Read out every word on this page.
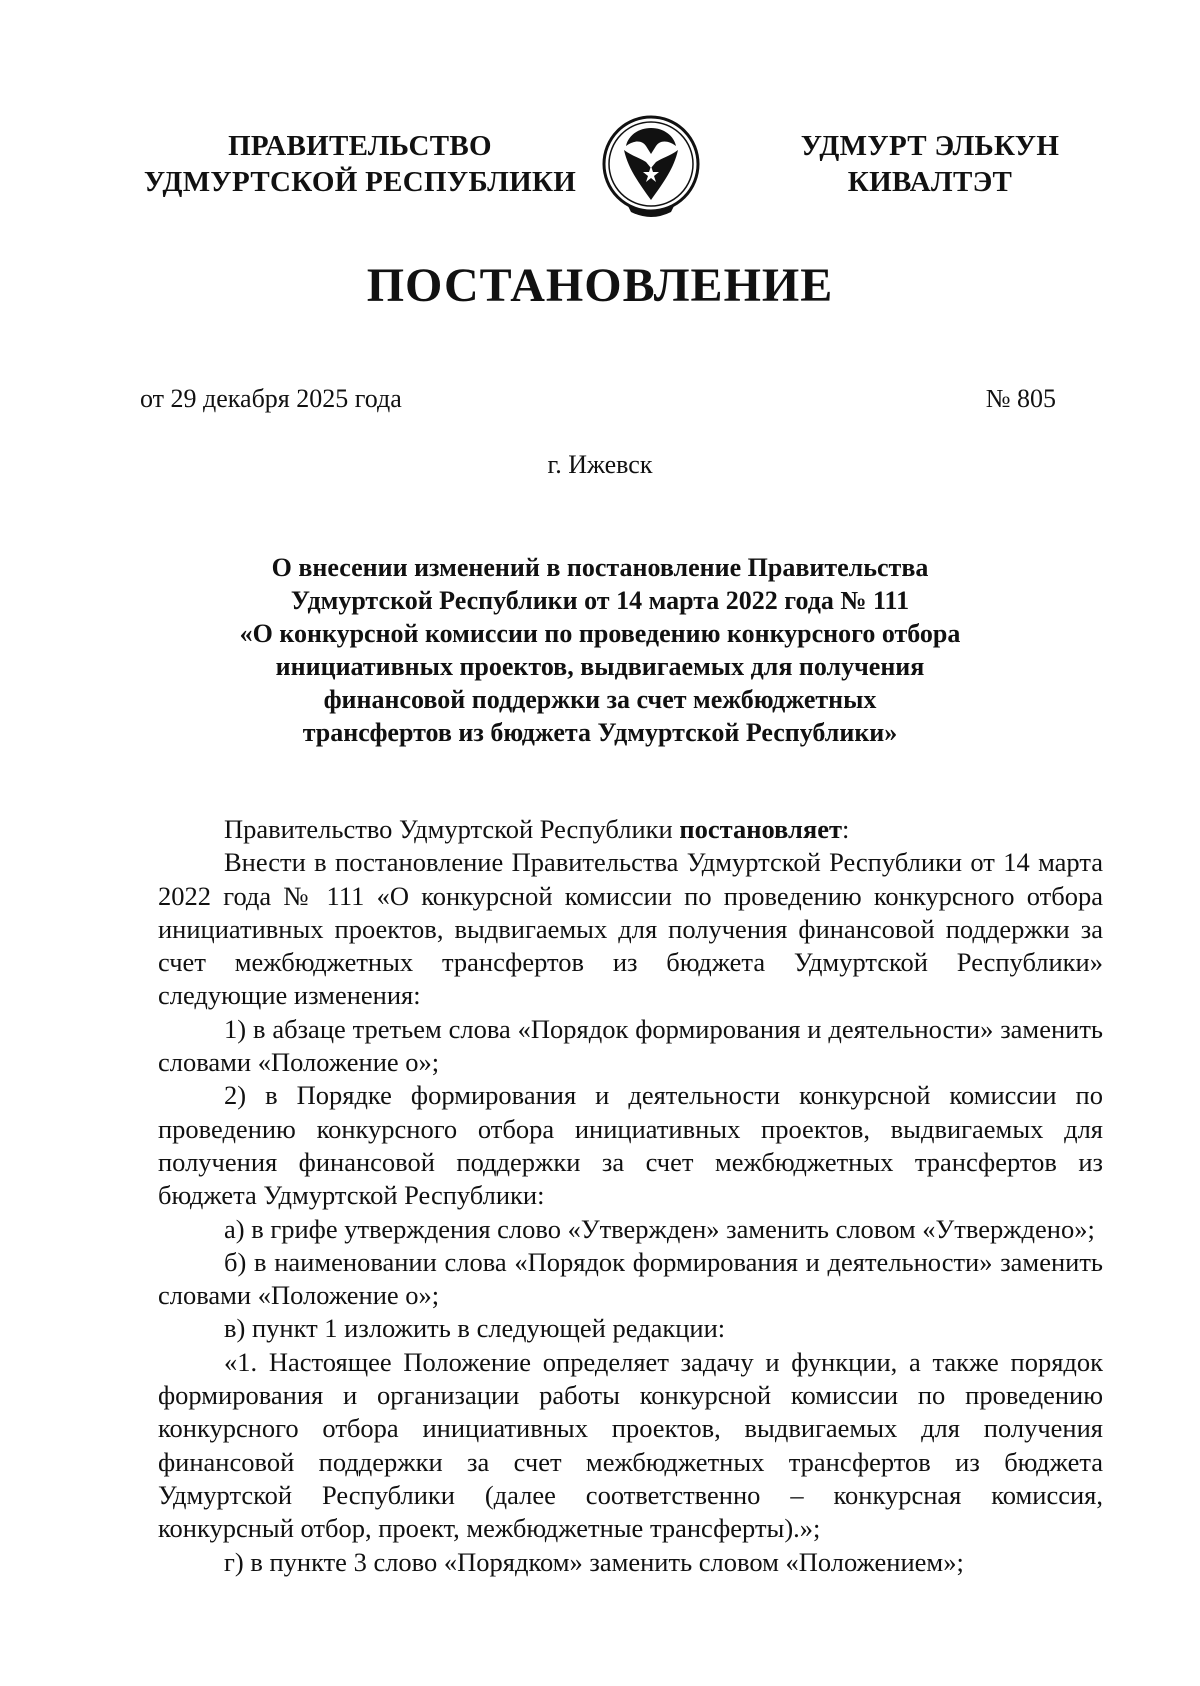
ПРАВИТЕЛЬСТВО
УДМУРТСКОЙ РЕСПУБЛИКИ
УДМУРТ ЭЛЬКУН
КИВАЛТЭТ
ПОСТАНОВЛЕНИЕ
от 29 декабря 2025 года	№ 805
г. Ижевск
О внесении изменений в постановление Правительства
Удмуртской Республики от 14 марта 2022 года № 111
«О конкурсной комиссии по проведению конкурсного отбора
инициативных проектов, выдвигаемых для получения
финансовой поддержки за счет межбюджетных
трансфертов из бюджета Удмуртской Республики»

Правительство Удмуртской Республики постановляет:

Внести в постановление Правительства Удмуртской Республики от 14 марта 2022 года № 111 «О конкурсной комиссии по проведению конкурсного отбора инициативных проектов, выдвигаемых для получения финансовой поддержки за счет межбюджетных трансфертов из бюджета Удмуртской Республики» следующие изменения:

1) в абзаце третьем слова «Порядок формирования и деятельности» заменить словами «Положение о»;

2) в Порядке формирования и деятельности конкурсной комиссии по проведению конкурсного отбора инициативных проектов, выдвигаемых для получения финансовой поддержки за счет межбюджетных трансфертов из бюджета Удмуртской Республики:

а) в грифе утверждения слово «Утвержден» заменить словом «Утверждено»;

б) в наименовании слова «Порядок формирования и деятельности» заменить словами «Положение о»;

в) пункт 1 изложить в следующей редакции:

«1. Настоящее Положение определяет задачу и функции, а также порядок формирования и организации работы конкурсной комиссии по проведению конкурсного отбора инициативных проектов, выдвигаемых для получения финансовой поддержки за счет межбюджетных трансфертов из бюджета Удмуртской Республики (далее соответственно – конкурсная комиссия, конкурсный отбор, проект, межбюджетные трансферты).»;

г) в пункте 3 слово «Порядком» заменить словом «Положением»;
